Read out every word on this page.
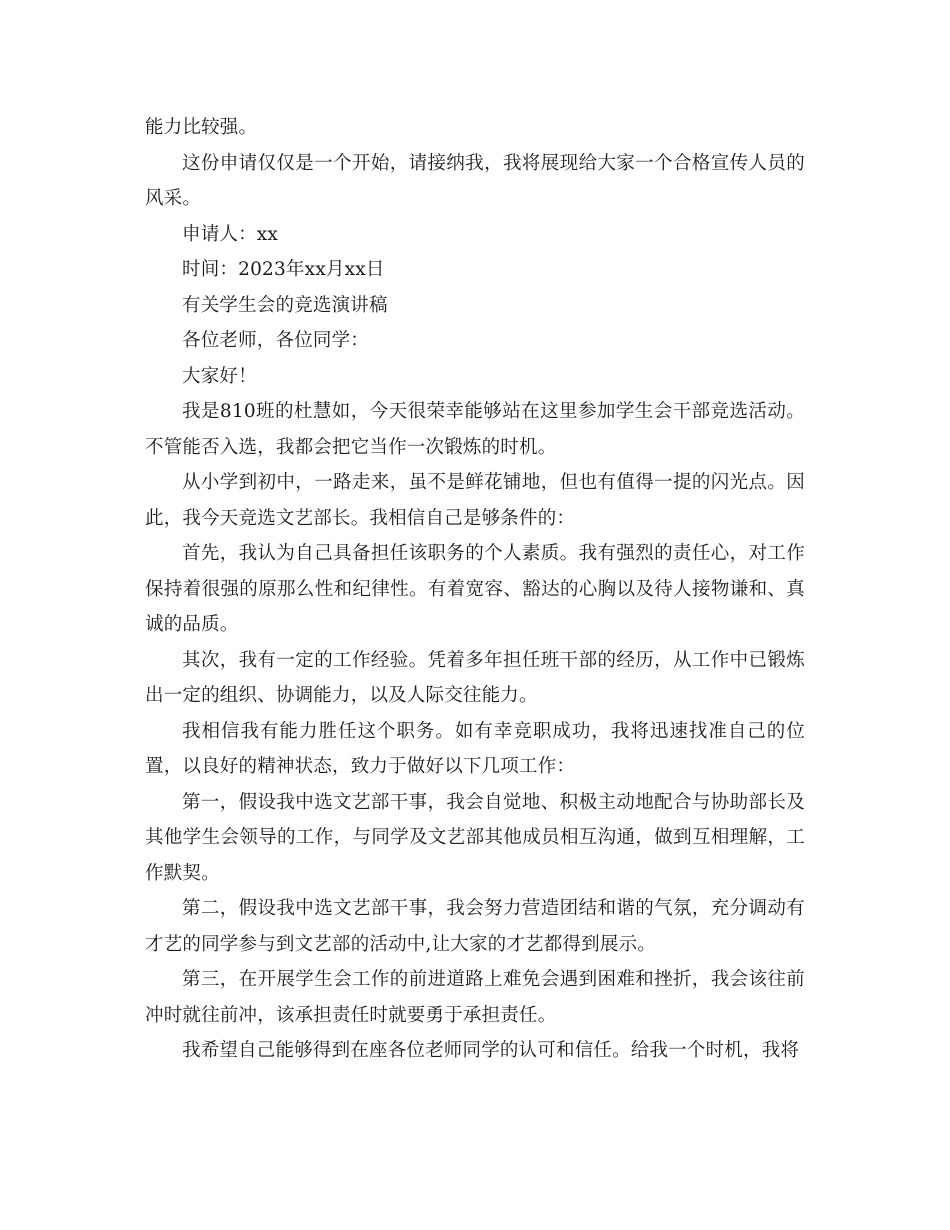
能力比较强。

这份申请仅仅是一个开始，请接纳我，我将展现给大家一个合格宣传人员的风采。

申请人：xx

时间：2023年xx月xx日

有关学生会的竞选演讲稿

各位老师，各位同学：

大家好！

我是810班的杜慧如，今天很荣幸能够站在这里参加学生会干部竞选活动。不管能否入选，我都会把它当作一次锻炼的时机。

从小学到初中，一路走来，虽不是鲜花铺地，但也有值得一提的闪光点。因此，我今天竞选文艺部长。我相信自己是够条件的：

首先，我认为自己具备担任该职务的个人素质。我有强烈的责任心，对工作保持着很强的原那么性和纪律性。有着宽容、豁达的心胸以及待人接物谦和、真诚的品质。

其次，我有一定的工作经验。凭着多年担任班干部的经历，从工作中已锻炼出一定的组织、协调能力，以及人际交往能力。

我相信我有能力胜任这个职务。如有幸竞职成功，我将迅速找准自己的位置，以良好的精神状态，致力于做好以下几项工作：

第一，假设我中选文艺部干事，我会自觉地、积极主动地配合与协助部长及其他学生会领导的工作，与同学及文艺部其他成员相互沟通，做到互相理解，工作默契。

第二，假设我中选文艺部干事，我会努力营造团结和谐的气氛，充分调动有才艺的同学参与到文艺部的活动中,让大家的才艺都得到展示。

第三，在开展学生会工作的前进道路上难免会遇到困难和挫折，我会该往前冲时就往前冲，该承担责任时就要勇于承担责任。

我希望自己能够得到在座各位老师同学的认可和信任。给我一个时机，我将
